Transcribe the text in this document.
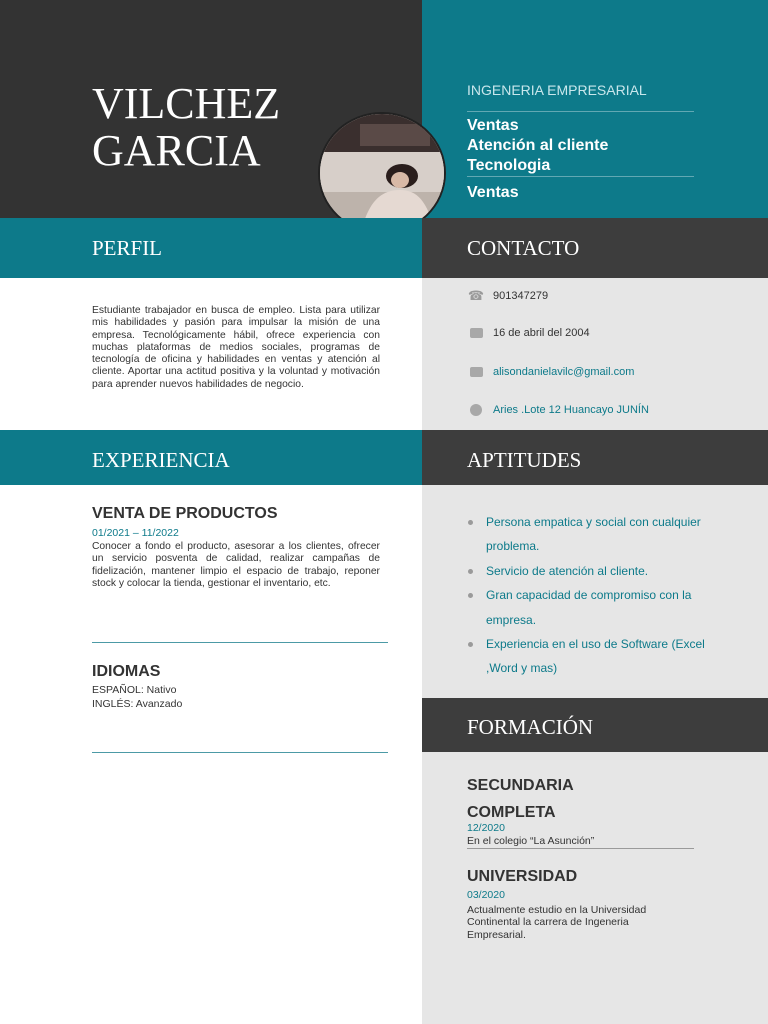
VILCHEZ
GARCIA
INGENERIA EMPRESARIAL
Ventas
Atención al cliente
Tecnologia
Ventas
PERFIL	CONTACTO
Estudiante trabajador en busca de empleo. Lista para utilizar mis habilidades y pasión para impulsar la misión de una empresa. Tecnológicamente hábil, ofrece experiencia con muchas plataformas de medios sociales, programas de tecnología de oficina y habilidades en ventas y atención al cliente. Aportar una actitud positiva y la voluntad y motivación para aprender nuevos habilidades de negocio.
☎ 901347279
16 de abril del 2004
alisondanielavilc@gmail.com
Aries .Lote 12 Huancayo JUNÍN
EXPERIENCIA	APTITUDES
VENTA DE PRODUCTOS
01/2021 – 11/2022
Conocer a fondo el producto, asesorar a los clientes, ofrecer un servicio posventa de calidad, realizar campañas de fidelización, mantener limpio el espacio de trabajo, reponer stock y colocar la tienda, gestionar el inventario, etc.
IDIOMAS
ESPAÑOL: Nativo
INGLÉS: Avanzado
Persona empatica y social con cualquier problema.
Servicio de atención al cliente.
Gran capacidad de compromiso con la empresa.
Experiencia en el uso de Software (Excel ,Word y mas)
FORMACIÓN
SECUNDARIA
COMPLETA
12/2020
En el colegio “La Asunción”
UNIVERSIDAD
03/2020
Actualmente estudio en la Universidad Continental la carrera de Ingeneria Empresarial.
